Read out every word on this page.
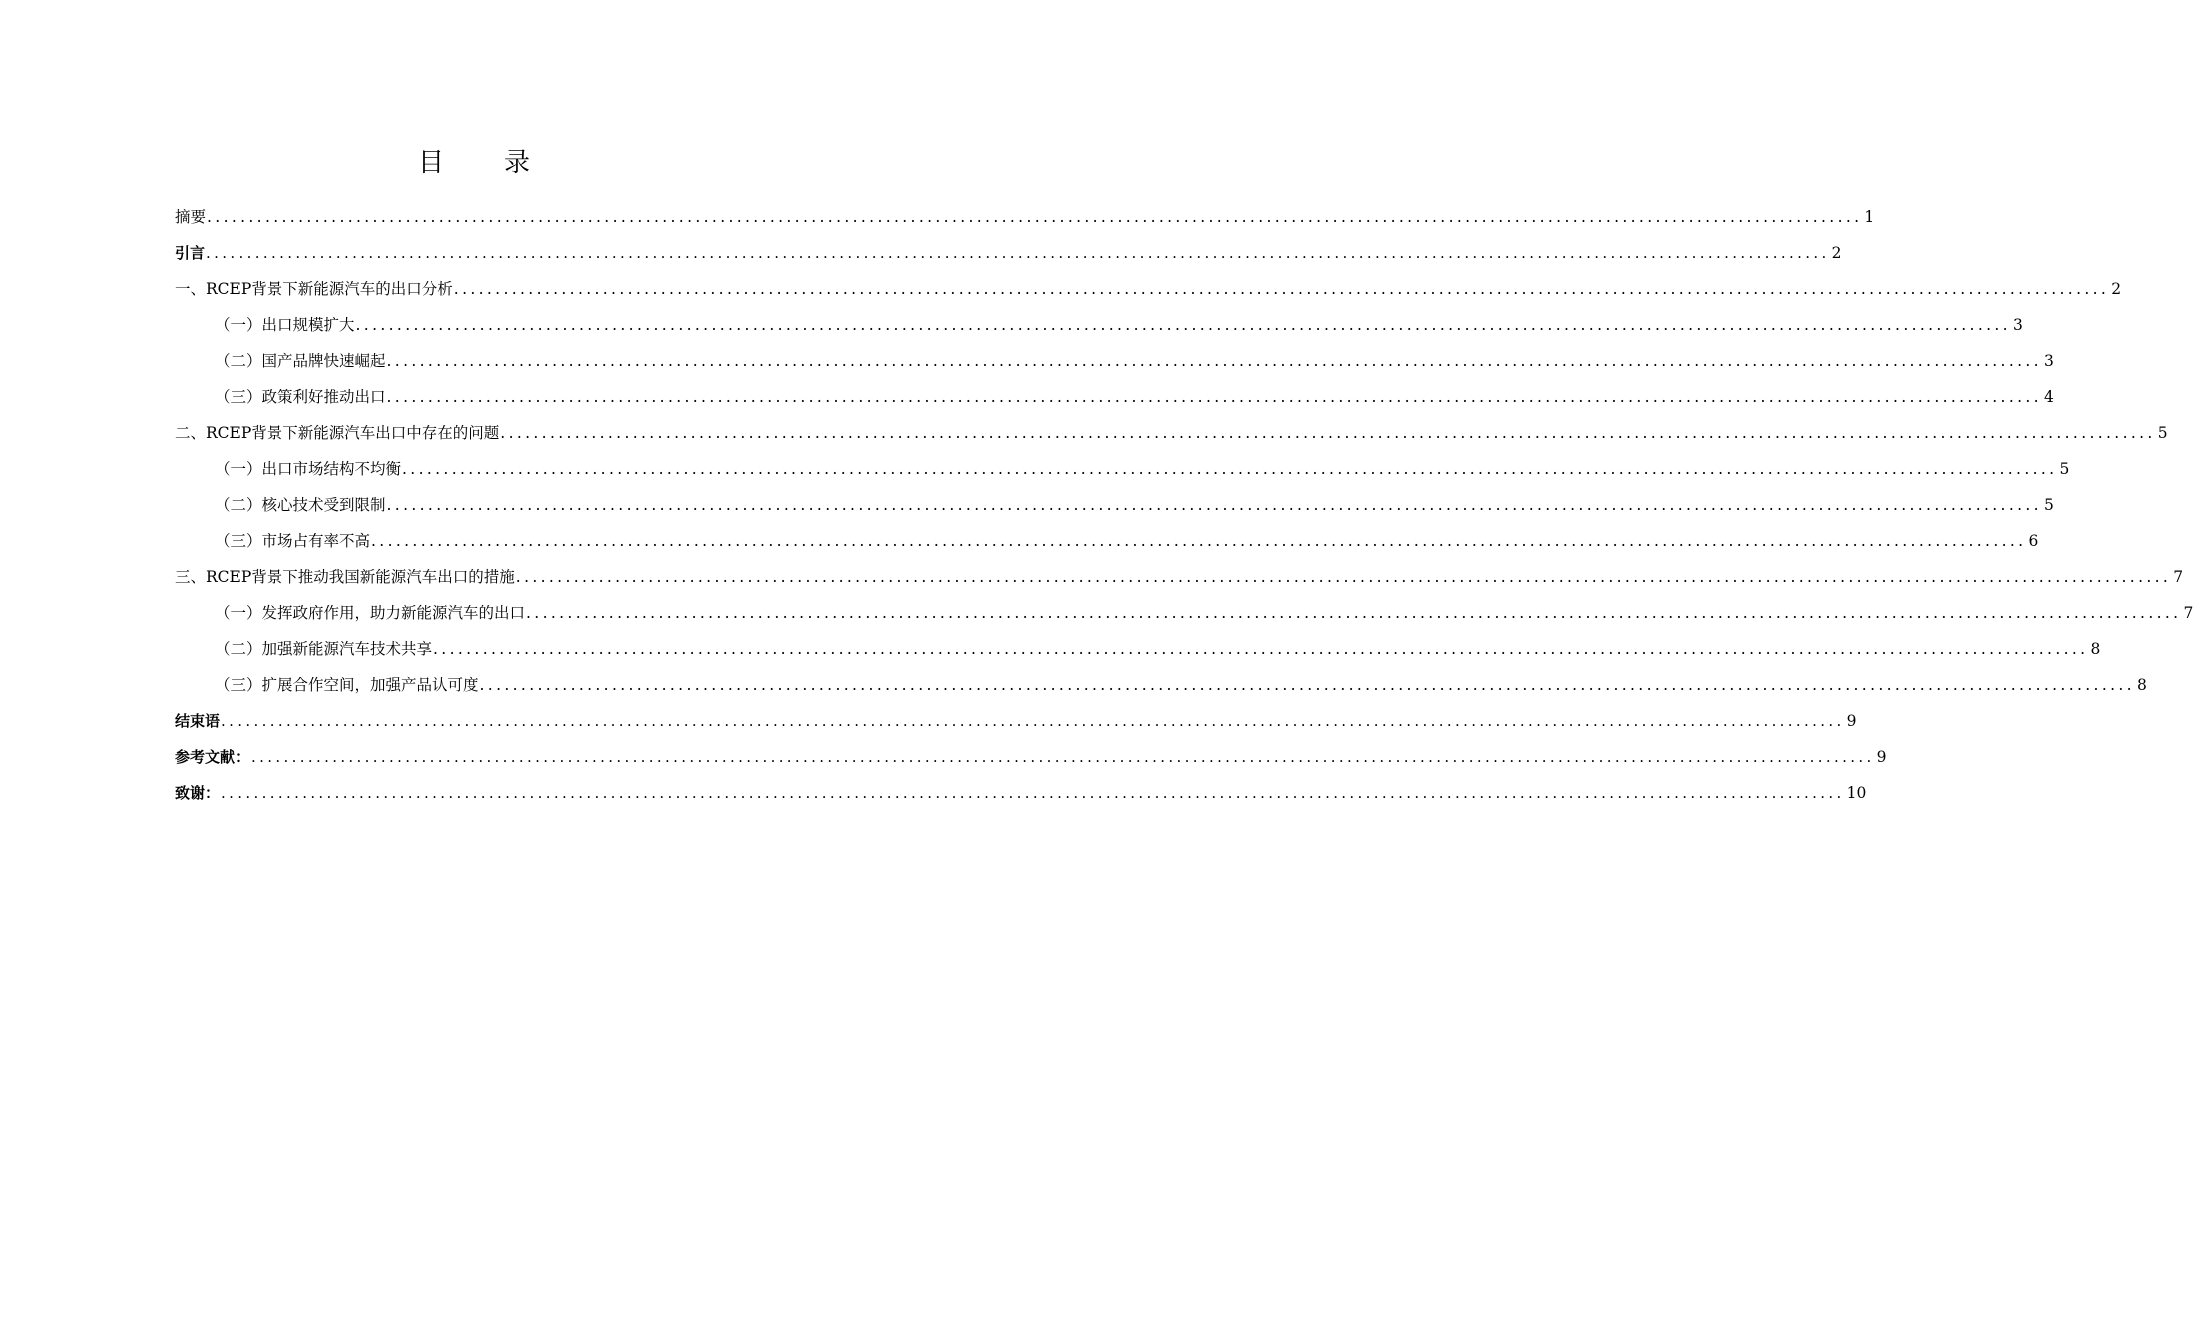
目 录
摘要 ........................................................................................................................................................................................................ 1
引言 ........................................................................................................................................................................................................ 2
一、 RCEP背景下新能源汽车的出口分析 ........................................................................................................................................................................................................ 2
（一） 出口规模扩大 ........................................................................................................................................................................................................ 3
（二） 国产品牌快速崛起 ........................................................................................................................................................................................................ 3
（三） 政策利好推动出口 ........................................................................................................................................................................................................ 4
二、 RCEP背景下新能源汽车出口中存在的问题 ........................................................................................................................................................................................................ 5
（一） 出口市场结构不均衡 ........................................................................................................................................................................................................ 5
（二） 核心技术受到限制 ........................................................................................................................................................................................................ 5
（三） 市场占有率不高 ........................................................................................................................................................................................................ 6
三、 RCEP背景下推动我国新能源汽车出口的措施 ........................................................................................................................................................................................................ 7
（一） 发挥政府作用，助力新能源汽车的出口 ........................................................................................................................................................................................................ 7
（二） 加强新能源汽车技术共享 ........................................................................................................................................................................................................ 8
（三） 扩展合作空间，加强产品认可度 ........................................................................................................................................................................................................ 8
结束语 ........................................................................................................................................................................................................ 9
参考文献： ........................................................................................................................................................................................................ 9
致谢： ........................................................................................................................................................................................................ 10
